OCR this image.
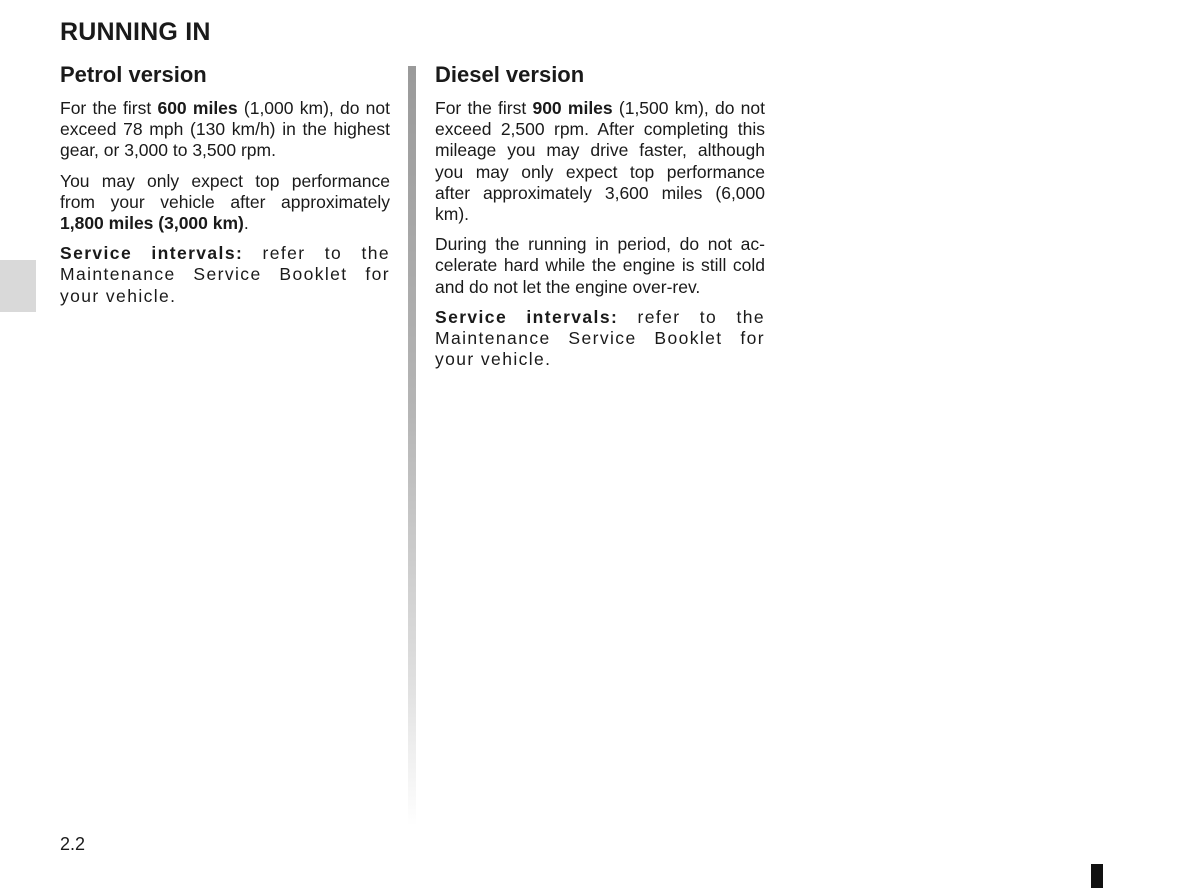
RUNNING IN
Petrol version

For the first 600 miles (1,000 km), do not exceed 78 mph (130 km/h) in the highest gear, or 3,000 to 3,500 rpm.

You may only expect top performance from your vehicle after approximately 1,800 miles (3,000 km).

Service intervals: refer to the Maintenance Service Booklet for your vehicle.

Diesel version

For the first 900 miles (1,500 km), do not exceed 2,500 rpm. After completing this mileage you may drive faster, although you may only expect top performance after approximately 3,600 miles (6,000 km).

During the running in period, do not accelerate hard while the engine is still cold and do not let the engine over-rev.

Service intervals: refer to the Maintenance Service Booklet for your vehicle.

2.2
